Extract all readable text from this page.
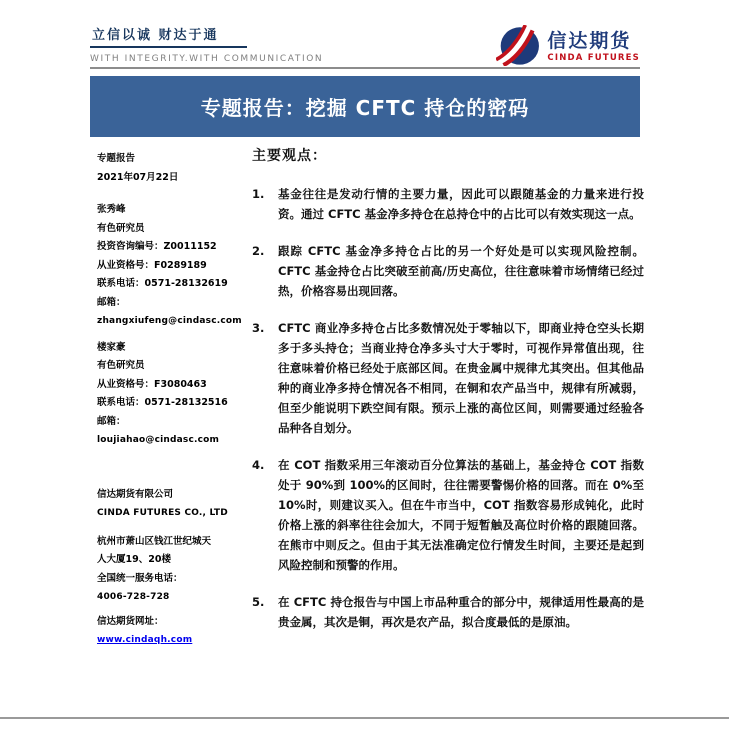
立信以诚 财达于通
WITH INTEGRITY.WITH COMMUNICATION
信达期货
CINDA FUTURES
专题报告：挖掘 CFTC 持仓的密码
专题报告
2021年07月22日
张秀峰
有色研究员
投资咨询编号：Z0011152
从业资格号：F0289189
联系电话：0571-28132619
邮箱：
zhangxiufeng@cindasc.com
楼家豪
有色研究员
从业资格号：F3080463
联系电话：0571-28132516
邮箱：
loujiahao@cindasc.com
信达期货有限公司
CINDA FUTURES CO., LTD
杭州市萧山区钱江世纪城天
人大厦19、20楼
全国统一服务电话：
4006-728-728
信达期货网址：
www.cindaqh.com
主要观点：
1.	基金往往是发动行情的主要力量，因此可以跟随基金的力量来进行投资。通过 CFTC 基金净多持仓在总持仓中的占比可以有效实现这一点。
2.	跟踪 CFTC 基金净多持仓占比的另一个好处是可以实现风险控制。CFTC 基金持仓占比突破至前高/历史高位，往往意味着市场情绪已经过热，价格容易出现回落。
3.	CFTC 商业净多持仓占比多数情况处于零轴以下，即商业持仓空头长期多于多头持仓；当商业持仓净多头寸大于零时，可视作异常值出现，往往意味着价格已经处于底部区间。在贵金属中规律尤其突出。但其他品种的商业净多持仓情况各不相同，在铜和农产品当中，规律有所减弱，但至少能说明下跌空间有限。预示上涨的高位区间，则需要通过经验各品种各自划分。
4.	在 COT 指数采用三年滚动百分位算法的基础上，基金持仓 COT 指数处于 90%到 100%的区间时，往往需要警惕价格的回落。而在 0%至 10%时，则建议买入。但在牛市当中，COT 指数容易形成钝化，此时价格上涨的斜率往往会加大，不同于短暂触及高位时价格的跟随回落。在熊市中则反之。但由于其无法准确定位行情发生时间，主要还是起到风险控制和预警的作用。
5.	在 CFTC 持仓报告与中国上市品种重合的部分中，规律适用性最高的是贵金属，其次是铜，再次是农产品，拟合度最低的是原油。
